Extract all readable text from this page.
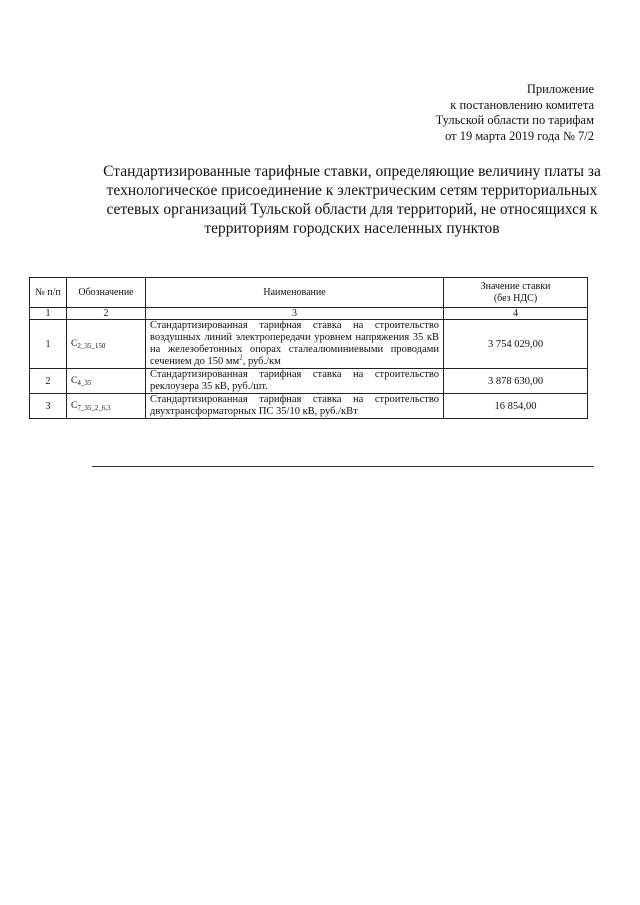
Приложение
к постановлению комитета
Тульской области по тарифам
от 19 марта 2019 года № 7/2
Стандартизированные тарифные ставки, определяющие величину платы за
технологическое присоединение к электрическим сетям территориальных
сетевых организаций Тульской области для территорий, не относящихся к
территориям городских населенных пунктов
№ п/п	Обозначение	Наименование	Значение ставки
(без НДС)
1	2	3	4
1	$C_{2\_35\_150}$	Стандартизированная тарифная ставка на строительство воздушных линий электропередачи уровнем напряжения 35 кВ на железобетонных опорах сталеалюминиевыми проводами сечением до 150 $мм^2$, руб./км	3 754 029,00
2	$C_{4\_35}$	Стандартизированная тарифная ставка на строительство реклоузера 35 кВ, руб./шт.	3 878 630,00
3	$C_{7\_35\_2\_6,3}$	Стандартизированная тарифная ставка на строительство двухтрансформаторных ПС 35/10 кВ, руб./кВт	16 854,00
